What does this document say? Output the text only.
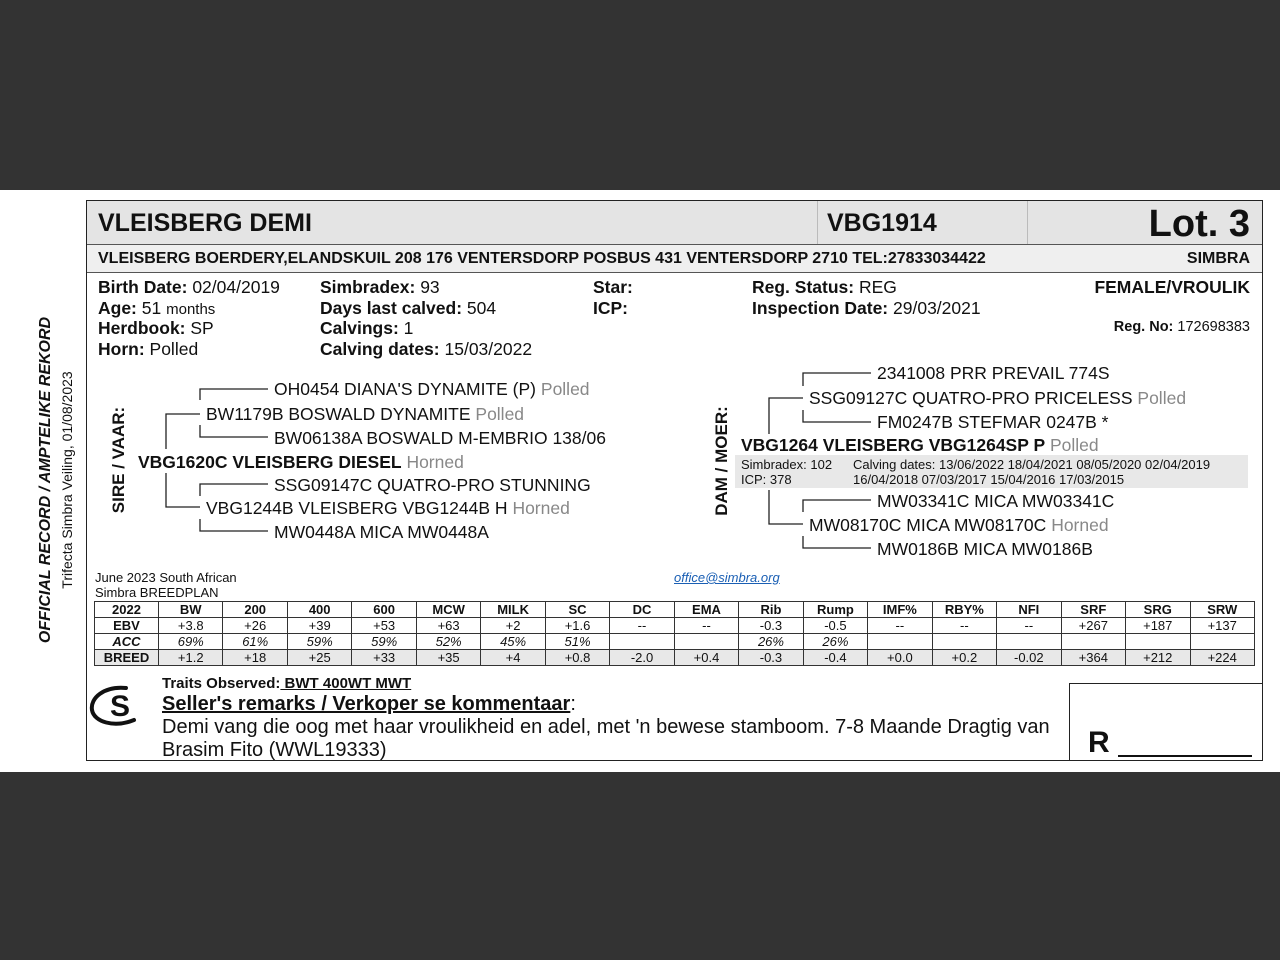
OFFICIAL RECORD / AMPTELIKE REKORD Trifecta Simbra Veiling, 01/08/2023
VLEISBERG DEMI	VBG1914	Lot. 3
VLEISBERG BOERDERY,ELANDSKUIL 208 176 VENTERSDORP POSBUS 431 VENTERSDORP 2710 TEL:27833034422	SIMBRA
Birth Date: 02/04/2019
Age: 51 months
Herdbook: SP
Horn: Polled
Simbradex: 93
Days last calved: 504
Calvings: 1
Calving dates: 15/03/2022
Star:
ICP:
Reg. Status: REG
Inspection Date: 29/03/2021
FEMALE/VROULIK
Reg. No: 172698383
SIRE / VAAR:	DAM / MOER:
OH0454 DIANA'S DYNAMITE (P) Polled
BW1179B BOSWALD DYNAMITE Polled
BW06138A BOSWALD M-EMBRIO 138/06
VBG1620C VLEISBERG DIESEL Horned
SSG09147C QUATRO-PRO STUNNING
VBG1244B VLEISBERG VBG1244B H Horned
MW0448A MICA MW0448A
2341008 PRR PREVAIL 774S
SSG09127C QUATRO-PRO PRICELESS Polled
FM0247B STEFMAR 0247B *
VBG1264 VLEISBERG VBG1264SP P Polled
Simbradex: 102
ICP: 378
Calving dates: 13/06/2022 18/04/2021 08/05/2020 02/04/2019
16/04/2018 07/03/2017 15/04/2016 17/03/2015
MW03341C MICA MW03341C
MW08170C MICA MW08170C Horned
MW0186B MICA MW0186B
June 2023 South African
Simbra BREEDPLAN
office@simbra.org
2022	BW	200	400	600	MCW	MILK	SC	DC	EMA	Rib	Rump	IMF%	RBY%	NFI	SRF	SRG	SRW
EBV	+3.8	+26	+39	+53	+63	+2	+1.6	--	--	-0.3	-0.5	--	--	--	+267	+187	+137
ACC	69%	61%	59%	59%	52%	45%	51%			26%	26%						
BREED	+1.2	+18	+25	+33	+35	+4	+0.8	-2.0	+0.4	-0.3	-0.4	+0.0	+0.2	-0.02	+364	+212	+224
S
Traits Observed: BWT 400WT MWT
Seller's remarks / Verkoper se kommentaar:
Demi vang die oog met haar vroulikheid en adel, met 'n bewese stamboom. 7-8 Maande Dragtig van
Brasim Fito (WWL19333)	R
